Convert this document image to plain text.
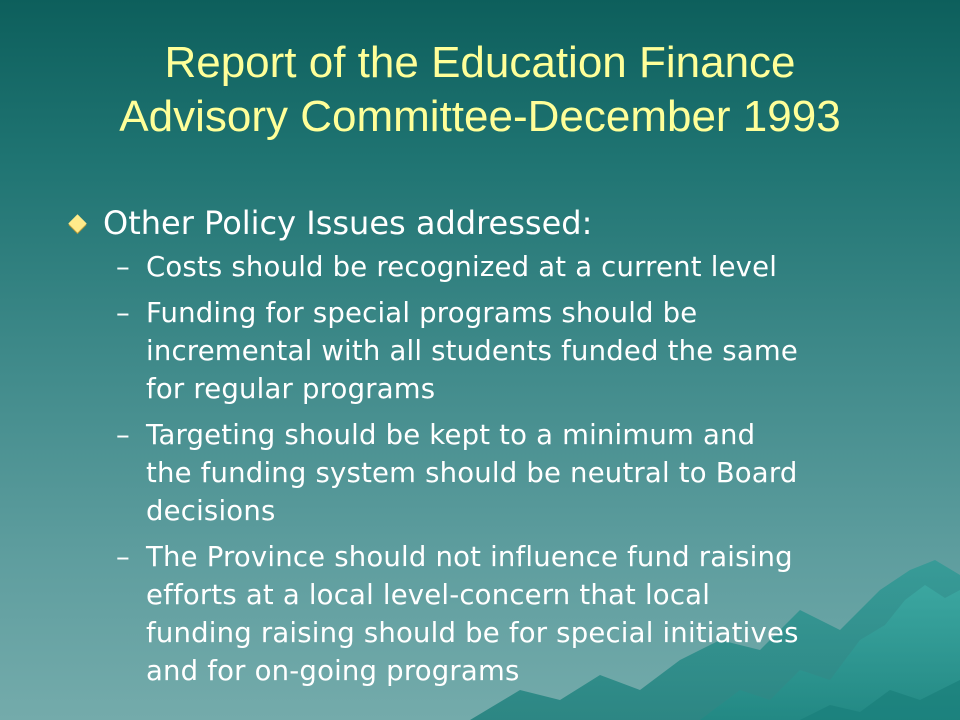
Report of the Education Finance
Advisory Committee-December 1993
Other Policy Issues addressed:
– Costs should be recognized at a current level
– Funding for special programs should be
incremental with all students funded the same
for regular programs
– Targeting should be kept to a minimum and
the funding system should be neutral to Board
decisions
– The Province should not influence fund raising
efforts at a local level-concern that local
funding raising should be for special initiatives
and for on-going programs
